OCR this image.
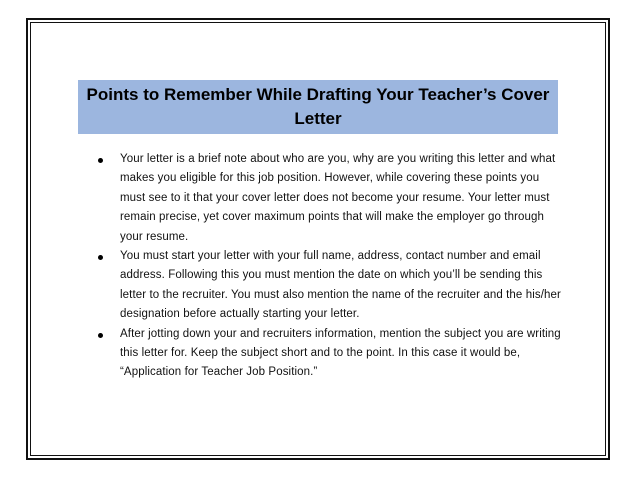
Points to Remember While Drafting Your Teacher’s Cover
Letter
Your letter is a brief note about who are you, why are you writing this letter and what makes you eligible for this job position. However, while covering these points you must see to it that your cover letter does not become your resume. Your letter must remain precise, yet cover maximum points that will make the employer go through your resume.
You must start your letter with your full name, address, contact number and email address. Following this you must mention the date on which you’ll be sending this letter to the recruiter. You must also mention the name of the recruiter and the his/her designation before actually starting your letter.
After jotting down your and recruiters information, mention the subject you are writing this letter for. Keep the subject short and to the point. In this case it would be, “Application for Teacher Job Position.”
